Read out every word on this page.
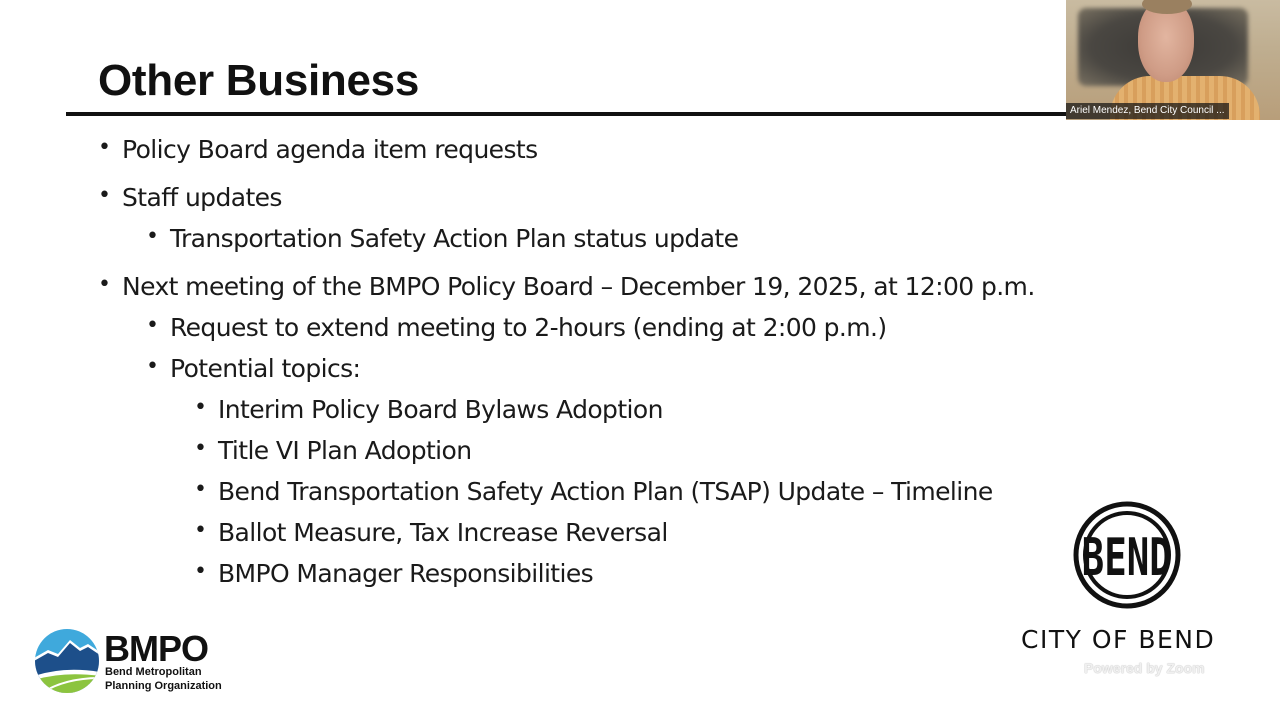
Other Business
• Policy Board agenda item requests
• Staff updates
• Transportation Safety Action Plan status update
• Next meeting of the BMPO Policy Board – December 19, 2025, at 12:00 p.m.
• Request to extend meeting to 2-hours (ending at 2:00 p.m.)
• Potential topics:
• Interim Policy Board Bylaws Adoption
• Title VI Plan Adoption
• Bend Transportation Safety Action Plan (TSAP) Update – Timeline
• Ballot Measure, Tax Increase Reversal
• BMPO Manager Responsibilities
BMPO
Bend Metropolitan
Planning Organization
BEND
CITY OF BEND
Ariel Mendez, Bend City Council ...
Powered by Zoom
